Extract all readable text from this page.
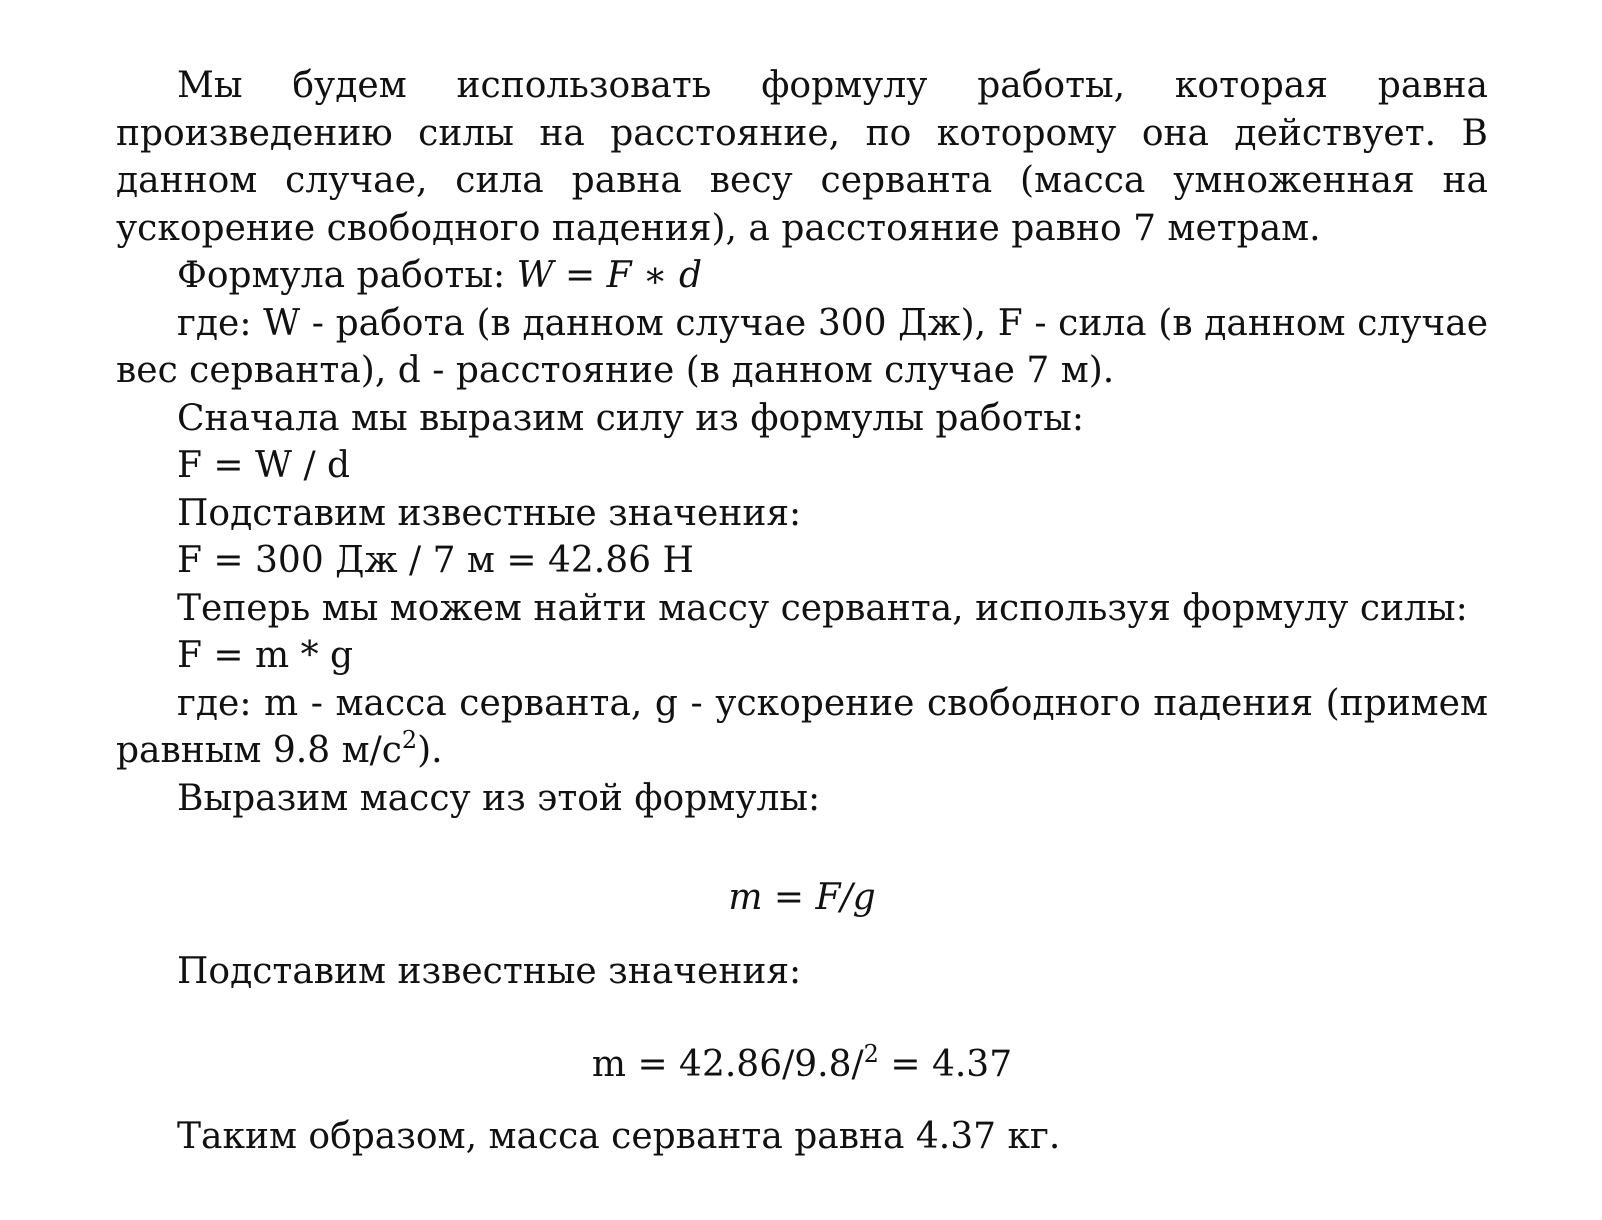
Мы будем использовать формулу работы, которая равна произведению силы на расстояние, по которому она действует. В данном случае, сила равна весу серванта (масса умноженная на ускорение свободного падения), а расстояние равно 7 метрам.

Формула работы: W = F ∗ d

где: W - работа (в данном случае 300 Дж), F - сила (в данном случае вес серванта), d - расстояние (в данном случае 7 м).

Сначала мы выразим силу из формулы работы:

F = W / d

Подставим известные значения:

F = 300 Дж / 7 м = 42.86 Н

Теперь мы можем найти массу серванта, используя формулу силы:

F = m * g

где: m - масса серванта, g - ускорение свободного падения (примем равным 9.8 $м/с^2$).

Выразим массу из этой формулы:

m = F/g

Подставим известные значения:

m = 42.86/9.8/$^2$ = 4.37

Таким образом, масса серванта равна 4.37 кг.
